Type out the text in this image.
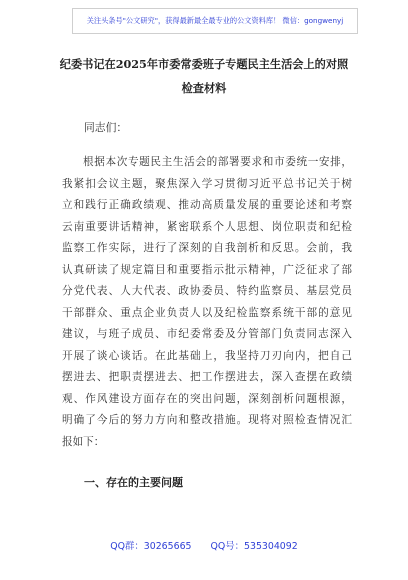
关注头条号"公文研究"，获得最新最全最专业的公文资料库！ 微信：gongwenyj
纪委书记在2025年市委常委班子专题民主生活会上的对照
检查材料

同志们：

根据本次专题民主生活会的部署要求和市委统一安排，
我紧扣会议主题，聚焦深入学习贯彻习近平总书记关于树
立和践行正确政绩观、推动高质量发展的重要论述和考察
云南重要讲话精神，紧密联系个人思想、岗位职责和纪检
监察工作实际，进行了深刻的自我剖析和反思。会前，我
认真研读了规定篇目和重要指示批示精神，广泛征求了部
分党代表、人大代表、政协委员、特约监察员、基层党员
干部群众、重点企业负责人以及纪检监察系统干部的意见
建议，与班子成员、市纪委常委及分管部门负责同志深入
开展了谈心谈话。在此基础上，我坚持刀刃向内，把自己
摆进去、把职责摆进去、把工作摆进去，深入查摆在政绩
观、作风建设方面存在的突出问题，深刻剖析问题根源，
明确了今后的努力方向和整改措施。现将对照检查情况汇
报如下：
一、存在的主要问题
QQ群：30265665 QQ号：535304092
